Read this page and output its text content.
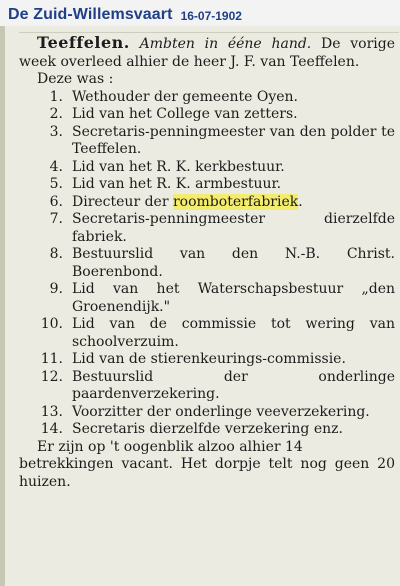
De Zuid-Willemsvaart 16-07-1902
Teeffelen. Ambten in ééne hand. De vorige week overleed alhier de heer J. F. van Teeffelen.
Deze was :
1. Wethouder der gemeente Oyen.
2. Lid van het College van zetters.
3. Secretaris-penningmeester van den polder te Teeffelen.
4. Lid van het R. K. kerkbestuur.
5. Lid van het R. K. armbestuur.
6. Directeur der roomboterfabriek.
7. Secretaris-penningmeester dierzelfde fabriek.
8. Bestuurslid van den N.-B. Christ. Boerenbond.
9. Lid van het Waterschapsbestuur „den Groenendijk."
10. Lid van de commissie tot wering van schoolverzuim.
11. Lid van de stierenkeurings-commissie.
12. Bestuurslid der onderlinge paardenverzekering.
13. Voorzitter der onderlinge veeverzekering.
14. Secretaris dierzelfde verzekering enz.
Er zijn op 't oogenblik alzoo alhier 14
betrekkingen vacant. Het dorpje telt nog geen 20 huizen.
